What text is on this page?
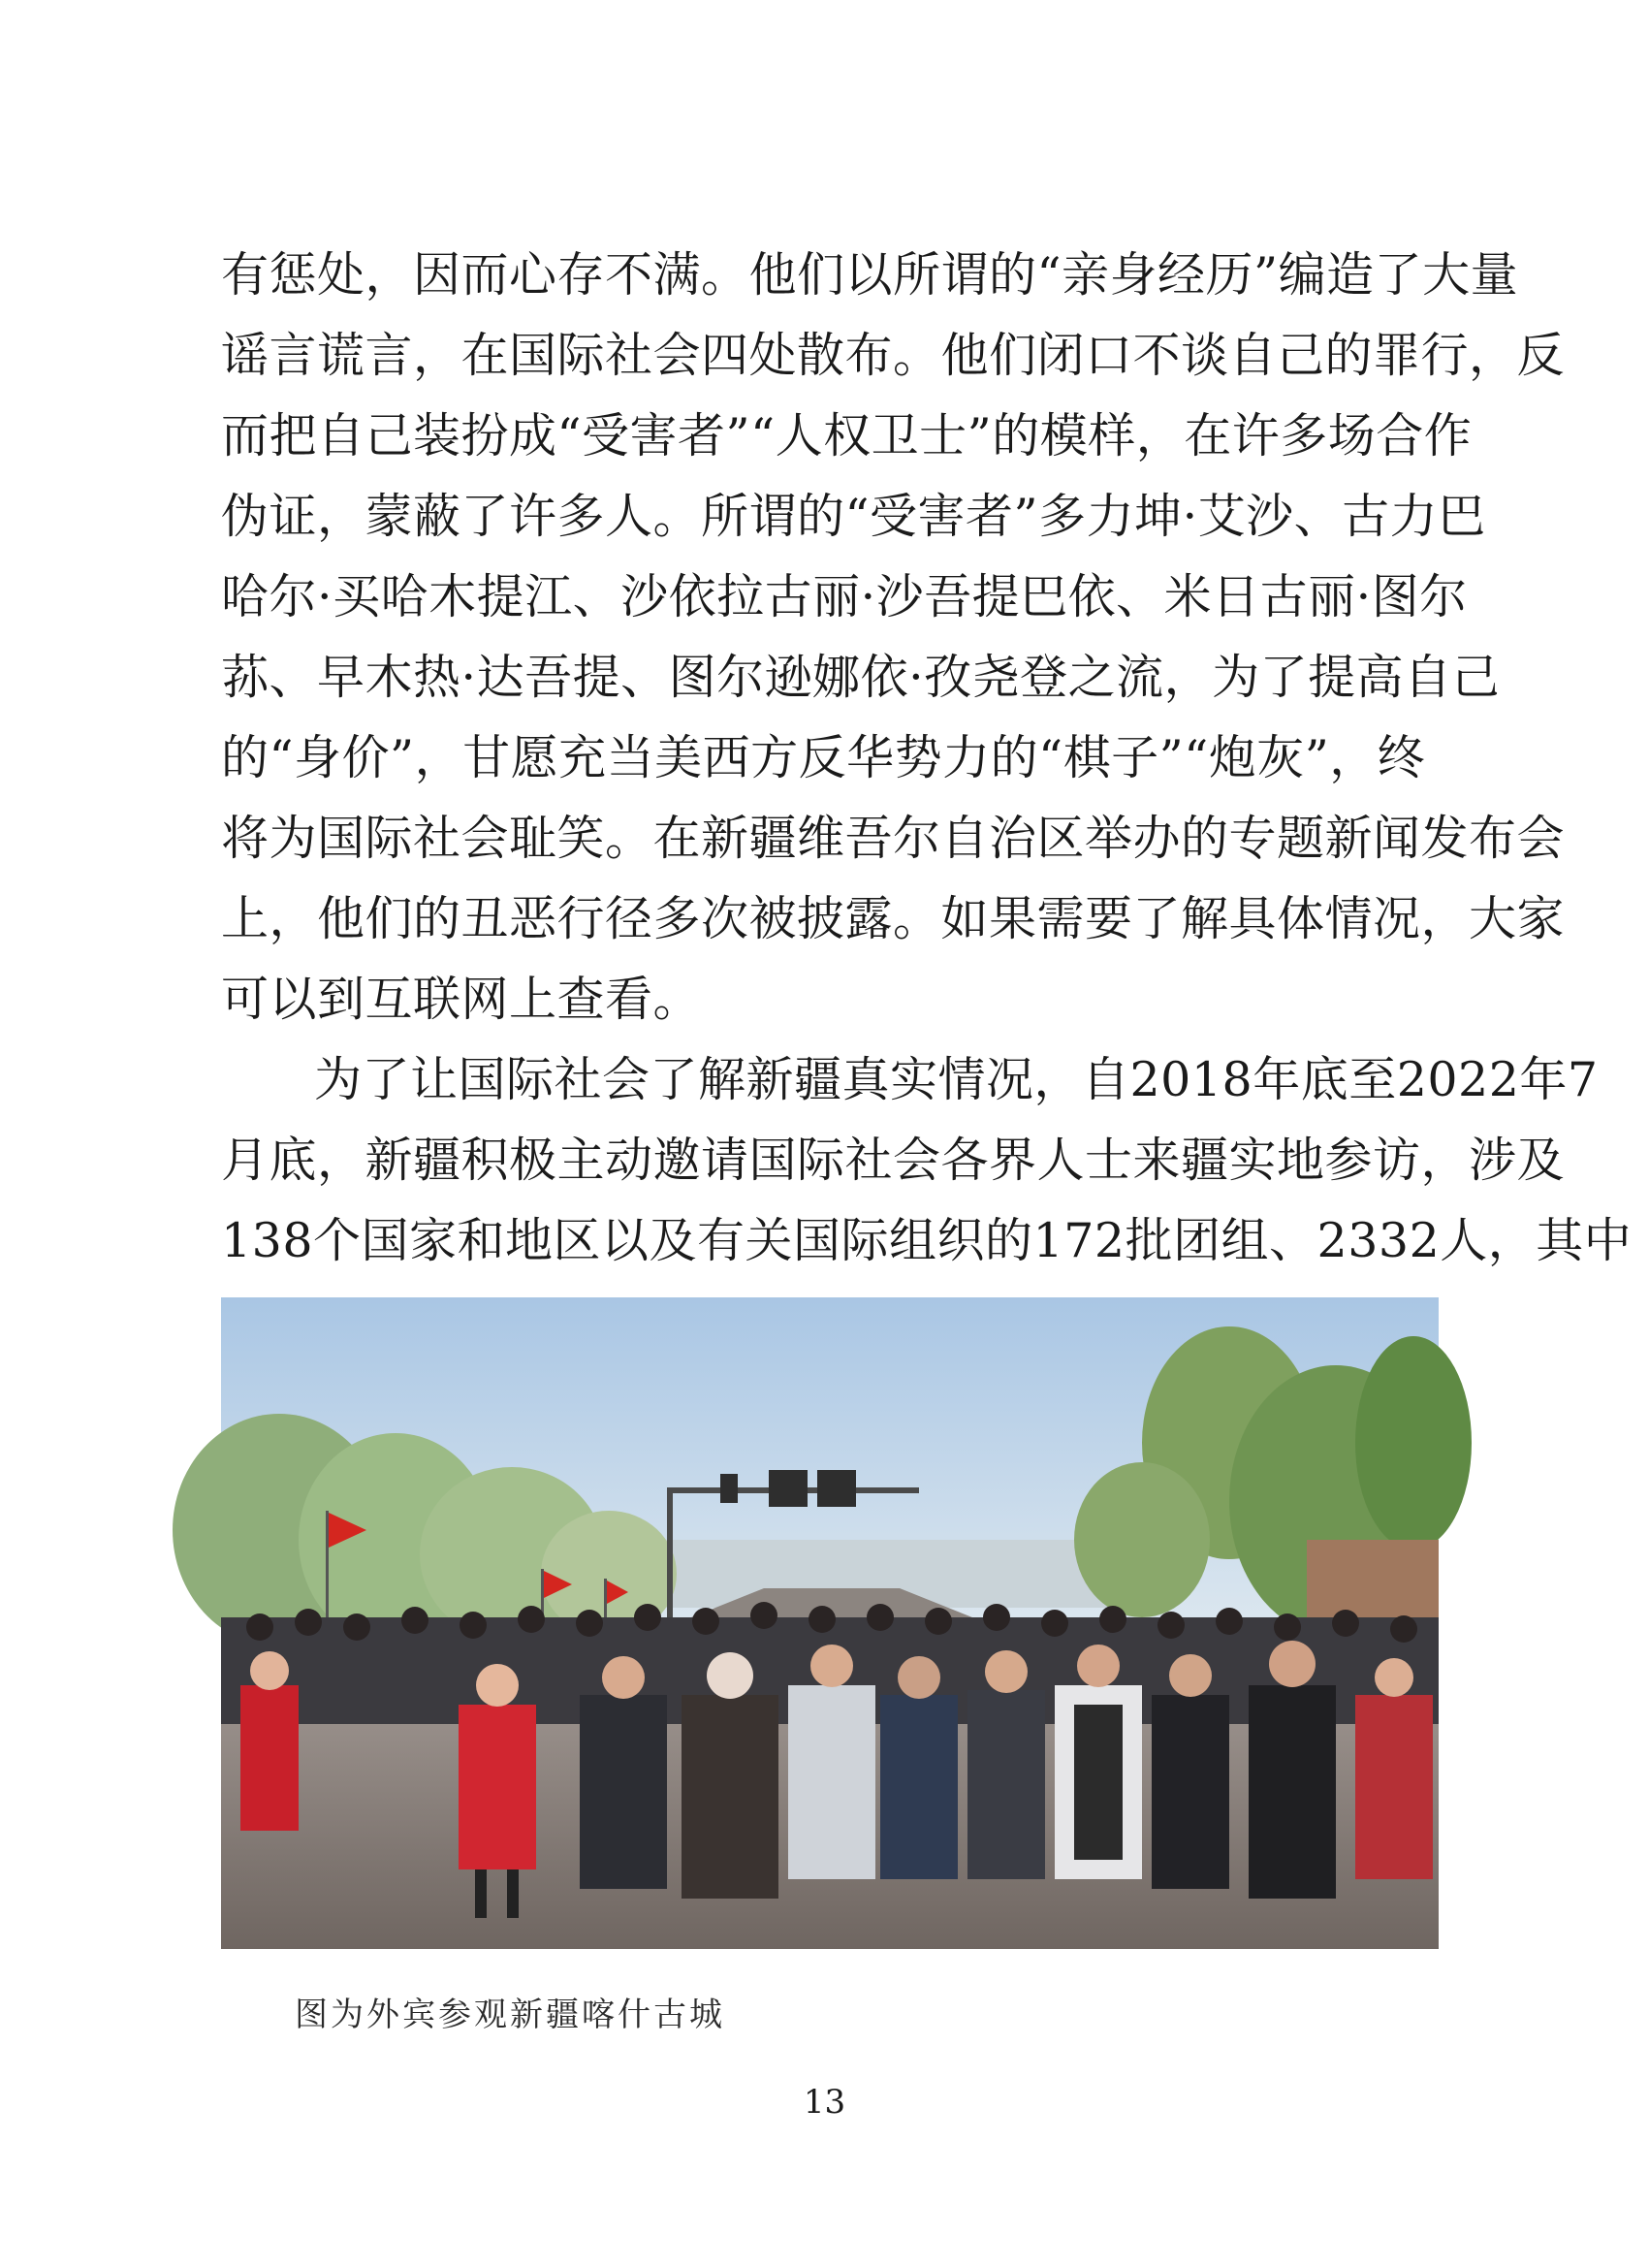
有惩处，因而心存不满。他们以所谓的“亲身经历”编造了大量
谣言谎言，在国际社会四处散布。他们闭口不谈自己的罪行，反
而把自己装扮成“受害者”“人权卫士”的模样，在许多场合作
伪证，蒙蔽了许多人。所谓的“受害者”多力坤·艾沙、古力巴
哈尔·买哈木提江、沙依拉古丽·沙吾提巴依、米日古丽·图尔
荪、早木热·达吾提、图尔逊娜依·孜尧登之流，为了提高自己
的“身价”，甘愿充当美西方反华势力的“棋子”“炮灰”，终
将为国际社会耻笑。在新疆维吾尔自治区举办的专题新闻发布会
上，他们的丑恶行径多次被披露。如果需要了解具体情况，大家
可以到互联网上查看。
为了让国际社会了解新疆真实情况，自2018年底至2022年7
月底，新疆积极主动邀请国际社会各界人士来疆实地参访，涉及
138个国家和地区以及有关国际组织的172批团组、2332人，其中
图为外宾参观新疆喀什古城
13
